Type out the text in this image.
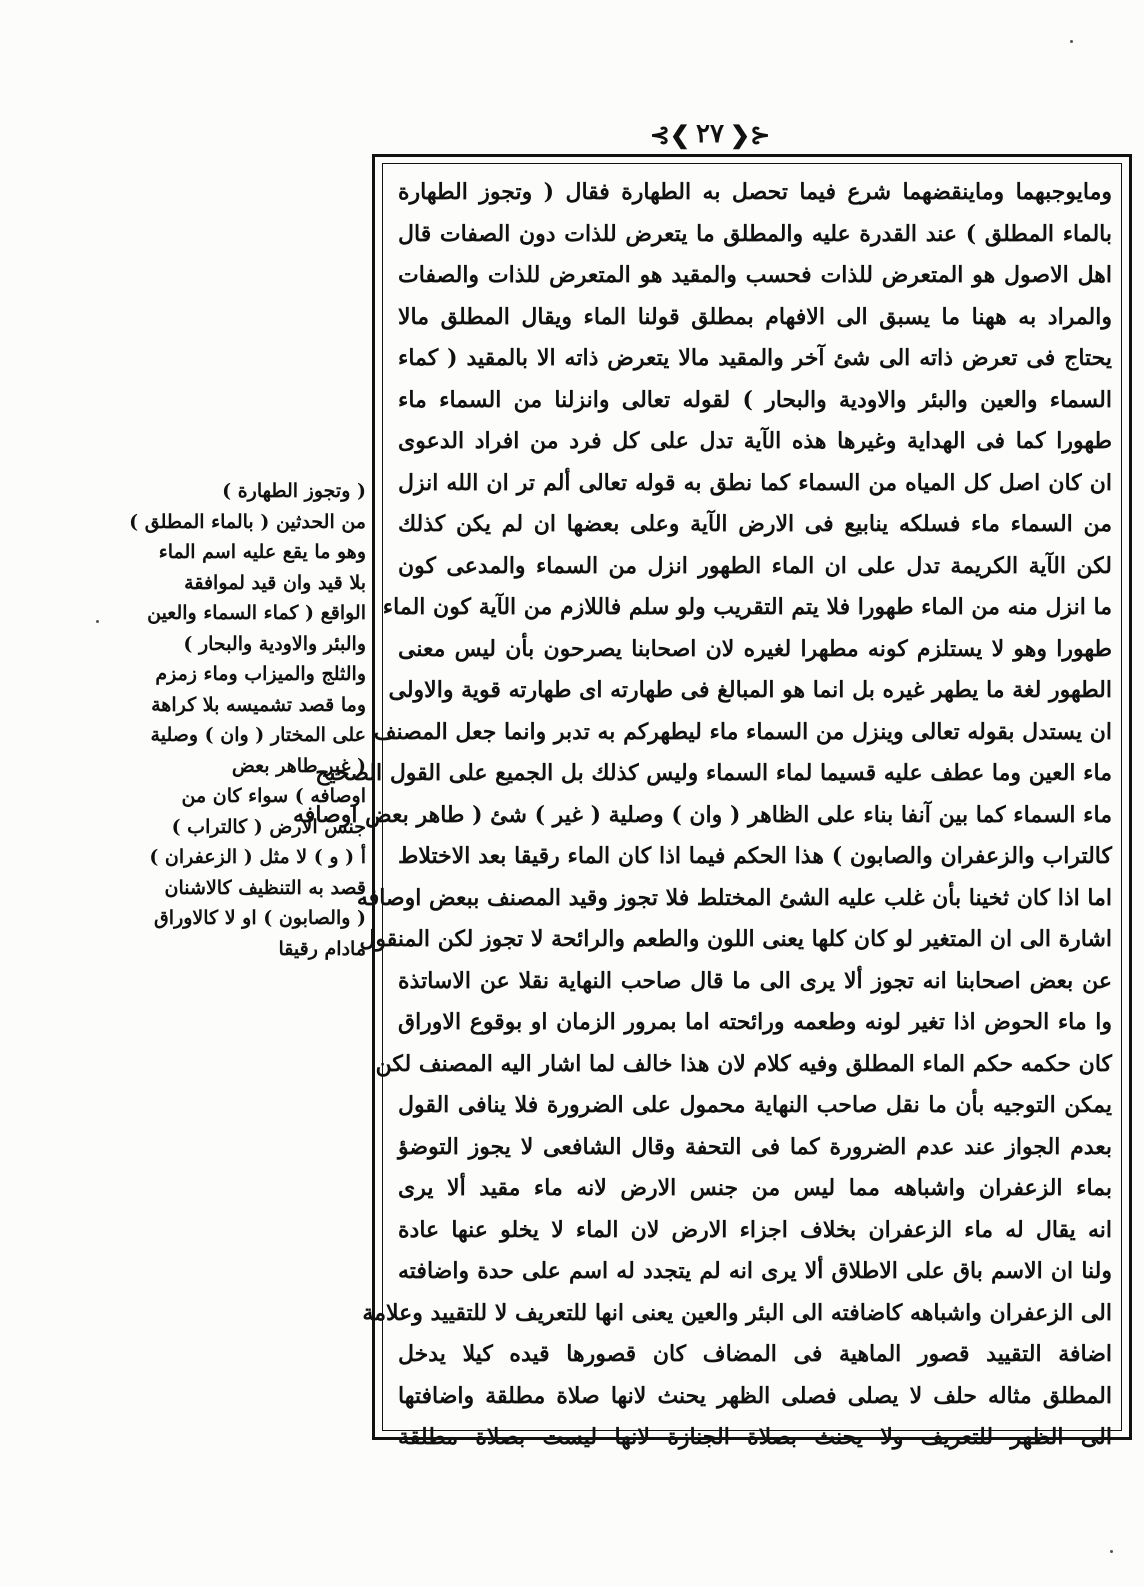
⊰❮ ٢٧ ❯⊱
ومايوجبهما وماينقضهما شرع فيما تحصل به الطهارة فقال ( وتجوز الطهارة
بالماء المطلق ) عند القدرة عليه والمطلق ما يتعرض للذات دون الصفات قال
اهل الاصول هو المتعرض للذات فحسب والمقيد هو المتعرض للذات والصفات
والمراد به ههنا ما يسبق الى الافهام بمطلق قولنا الماء ويقال المطلق مالا
يحتاج فى تعرض ذاته الى شئ آخر والمقيد مالا يتعرض ذاته الا بالمقيد ( كماء
السماء والعين والبئر والاودية والبحار ) لقوله تعالى وانزلنا من السماء ماء
طهورا كما فى الهداية وغيرها هذه الآية تدل على كل فرد من افراد الدعوى
ان كان اصل كل المياه من السماء كما نطق به قوله تعالى ألم تر ان الله انزل
من السماء ماء فسلكه ينابيع فى الارض الآية وعلى بعضها ان لم يكن كذلك
لكن الآية الكريمة تدل على ان الماء الطهور انزل من السماء والمدعى كون
ما انزل منه من الماء طهورا فلا يتم التقريب ولو سلم فاللازم من الآية كون الماء
طهورا وهو لا يستلزم كونه مطهرا لغيره لان اصحابنا يصرحون بأن ليس معنى
الطهور لغة ما يطهر غيره بل انما هو المبالغ فى طهارته اى طهارته قوية والاولى
ان يستدل بقوله تعالى وينزل من السماء ماء ليطهركم به تدبر وانما جعل المصنف
ماء العين وما عطف عليه قسيما لماء السماء وليس كذلك بل الجميع على القول الصحيح
ماء السماء كما بين آنفا بناء على الظاهر ( وان ) وصلية ( غير ) شئ ( طاهر بعض اوصافه
كالتراب والزعفران والصابون ) هذا الحكم فيما اذا كان الماء رقيقا بعد الاختلاط
اما اذا كان ثخينا بأن غلب عليه الشئ المختلط فلا تجوز وقيد المصنف ببعض اوصافه
اشارة الى ان المتغير لو كان كلها يعنى اللون والطعم والرائحة لا تجوز لكن المنقول
عن بعض اصحابنا انه تجوز ألا يرى الى ما قال صاحب النهاية نقلا عن الاساتذة
وا ماء الحوض اذا تغير لونه وطعمه ورائحته اما بمرور الزمان او بوقوع الاوراق
كان حكمه حكم الماء المطلق وفيه كلام لان هذا خالف لما اشار اليه المصنف لكن
يمكن التوجيه بأن ما نقل صاحب النهاية محمول على الضرورة فلا ينافى القول
بعدم الجواز عند عدم الضرورة كما فى التحفة وقال الشافعى لا يجوز التوضؤ
بماء الزعفران واشباهه مما ليس من جنس الارض لانه ماء مقيد ألا يرى
انه يقال له ماء الزعفران بخلاف اجزاء الارض لان الماء لا يخلو عنها عادة
ولنا ان الاسم باق على الاطلاق ألا يرى انه لم يتجدد له اسم على حدة واضافته
الى الزعفران واشباهه كاضافته الى البئر والعين يعنى انها للتعريف لا للتقييد وعلامة
اضافة التقييد قصور الماهية فى المضاف كان قصورها قيده كيلا يدخل
المطلق مثاله حلف لا يصلى فصلى الظهر يحنث لانها صلاة مطلقة واضافتها
الى الظهر للتعريف ولا يحنث بصلاة الجنازة لانها ليست بصلاة مطلقة
( وتجوز الطهارة )
من الحدثين ( بالماء المطلق )
وهو ما يقع عليه اسم الماء
بلا قيد وان قيد لموافقة
الواقع ( كماء السماء والعين
والبئر والاودية والبحار )
والثلج والميزاب وماء زمزم
وما قصد تشميسه بلا كراهة
على المختار ( وان ) وصلية
( غير طاهر بعض
اوصافه ) سواء كان من
جنس الارض ( كالتراب )
أ ( و ) لا مثل ( الزعفران )
قصد به التنظيف كالاشنان
( والصابون ) او لا كالاوراق
مادام رقيقا
